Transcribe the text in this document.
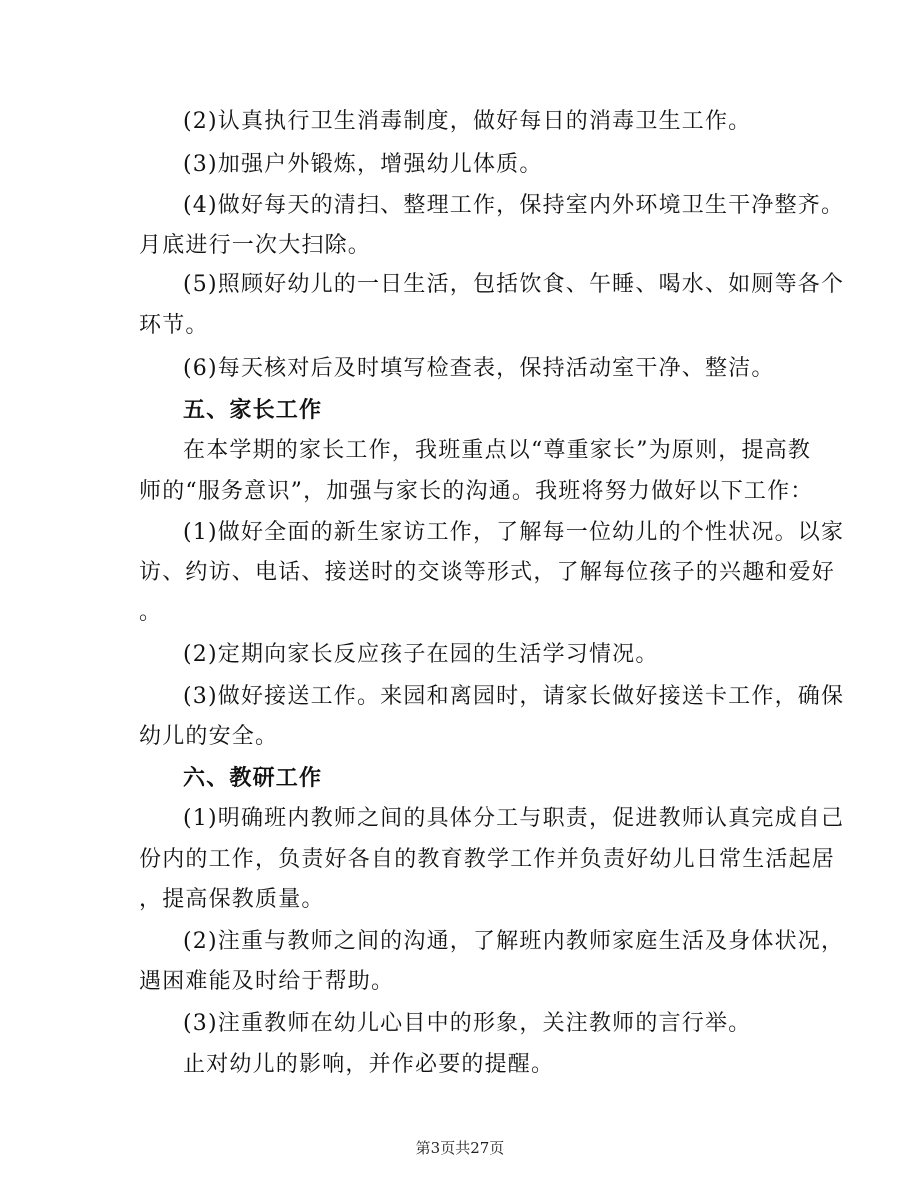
(2)认真执行卫生消毒制度，做好每日的消毒卫生工作。
(3)加强户外锻炼，增强幼儿体质。
(4)做好每天的清扫、整理工作，保持室内外环境卫生干净整齐。
月底进行一次大扫除。
(5)照顾好幼儿的一日生活，包括饮食、午睡、喝水、如厕等各个
环节。
(6)每天核对后及时填写检查表，保持活动室干净、整洁。
五、家长工作
在本学期的家长工作，我班重点以“尊重家长”为原则，提高教
师的“服务意识”，加强与家长的沟通。我班将努力做好以下工作：
(1)做好全面的新生家访工作，了解每一位幼儿的个性状况。以家
访、约访、电话、接送时的交谈等形式，了解每位孩子的兴趣和爱好
。
(2)定期向家长反应孩子在园的生活学习情况。
(3)做好接送工作。来园和离园时，请家长做好接送卡工作，确保
幼儿的安全。
六、教研工作
(1)明确班内教师之间的具体分工与职责，促进教师认真完成自己
份内的工作，负责好各自的教育教学工作并负责好幼儿日常生活起居
，提高保教质量。
(2)注重与教师之间的沟通，了解班内教师家庭生活及身体状况，
遇困难能及时给于帮助。
(3)注重教师在幼儿心目中的形象，关注教师的言行举。
止对幼儿的影响，并作必要的提醒。
第3页共27页
